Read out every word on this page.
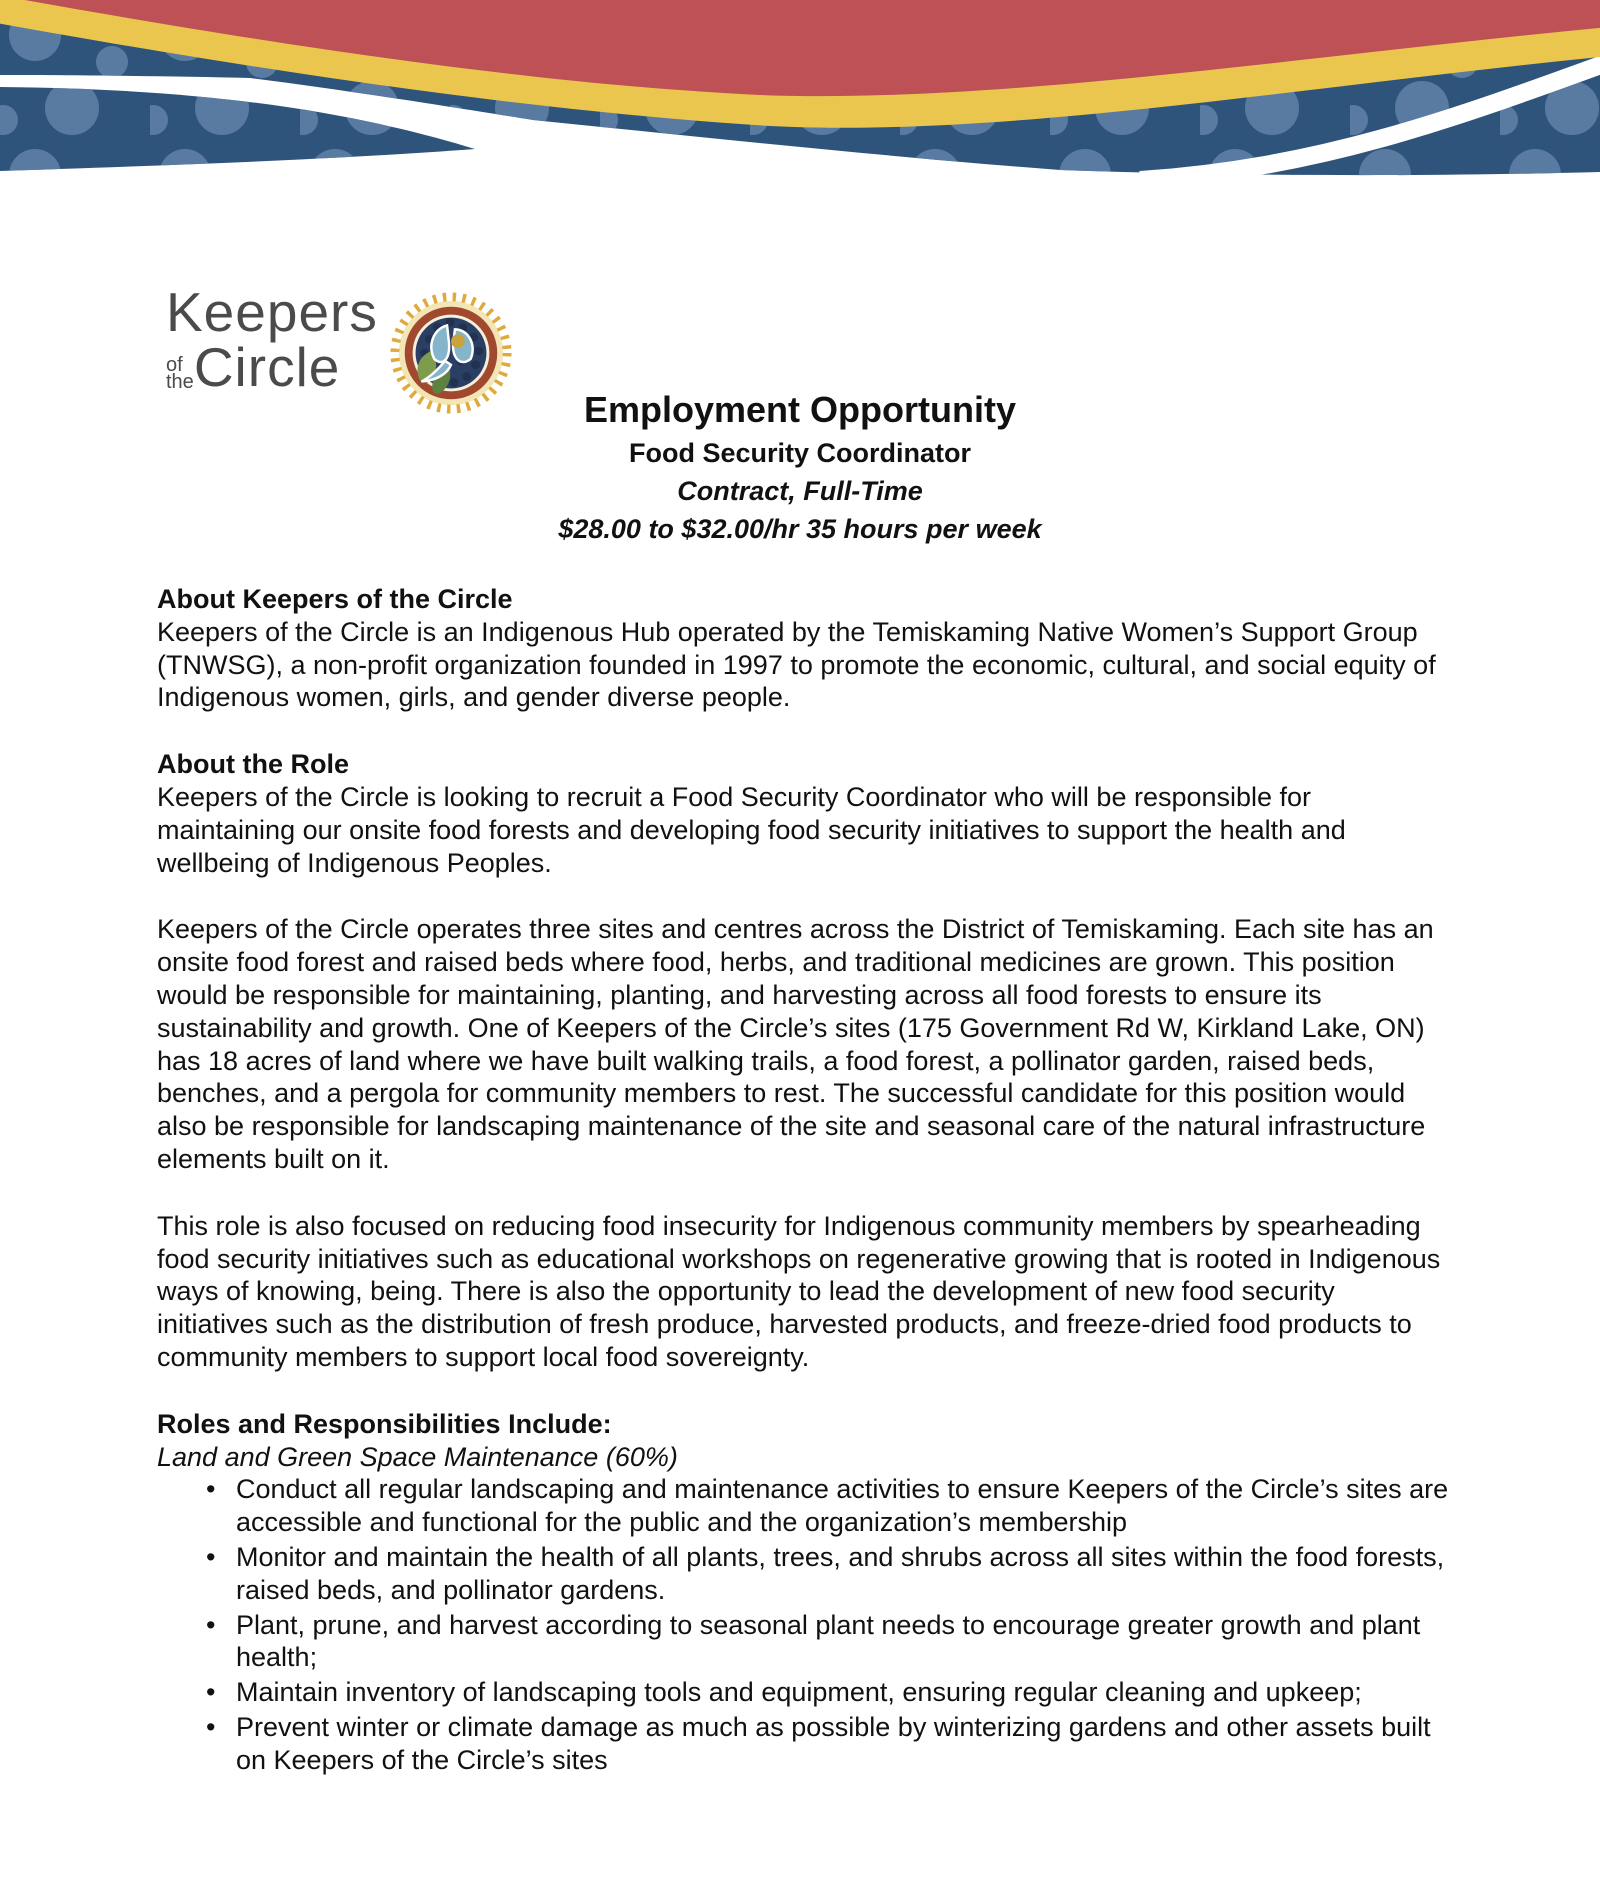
Keepers
of
the Circle
Employment Opportunity
Food Security Coordinator
Contract, Full-Time
$28.00 to $32.00/hr 35 hours per week
About Keepers of the Circle

Keepers of the Circle is an Indigenous Hub operated by the Temiskaming Native Women’s Support Group (TNWSG), a non-profit organization founded in 1997 to promote the economic, cultural, and social equity of Indigenous women, girls, and gender diverse people.

About the Role

Keepers of the Circle is looking to recruit a Food Security Coordinator who will be responsible for maintaining our onsite food forests and developing food security initiatives to support the health and wellbeing of Indigenous Peoples.

Keepers of the Circle operates three sites and centres across the District of Temiskaming. Each site has an onsite food forest and raised beds where food, herbs, and traditional medicines are grown. This position would be responsible for maintaining, planting, and harvesting across all food forests to ensure its sustainability and growth. One of Keepers of the Circle’s sites (175 Government Rd W, Kirkland Lake, ON) has 18 acres of land where we have built walking trails, a food forest, a pollinator garden, raised beds, benches, and a pergola for community members to rest. The successful candidate for this position would also be responsible for landscaping maintenance of the site and seasonal care of the natural infrastructure elements built on it.

This role is also focused on reducing food insecurity for Indigenous community members by spearheading food security initiatives such as educational workshops on regenerative growing that is rooted in Indigenous ways of knowing, being. There is also the opportunity to lead the development of new food security initiatives such as the distribution of fresh produce, harvested products, and freeze-dried food products to community members to support local food sovereignty.

Roles and Responsibilities Include:
Land and Green Space Maintenance (60%)
• Conduct all regular landscaping and maintenance activities to ensure Keepers of the Circle’s sites are accessible and functional for the public and the organization’s membership
• Monitor and maintain the health of all plants, trees, and shrubs across all sites within the food forests, raised beds, and pollinator gardens.
• Plant, prune, and harvest according to seasonal plant needs to encourage greater growth and plant health;
• Maintain inventory of landscaping tools and equipment, ensuring regular cleaning and upkeep;
• Prevent winter or climate damage as much as possible by winterizing gardens and other assets built on Keepers of the Circle’s sites
